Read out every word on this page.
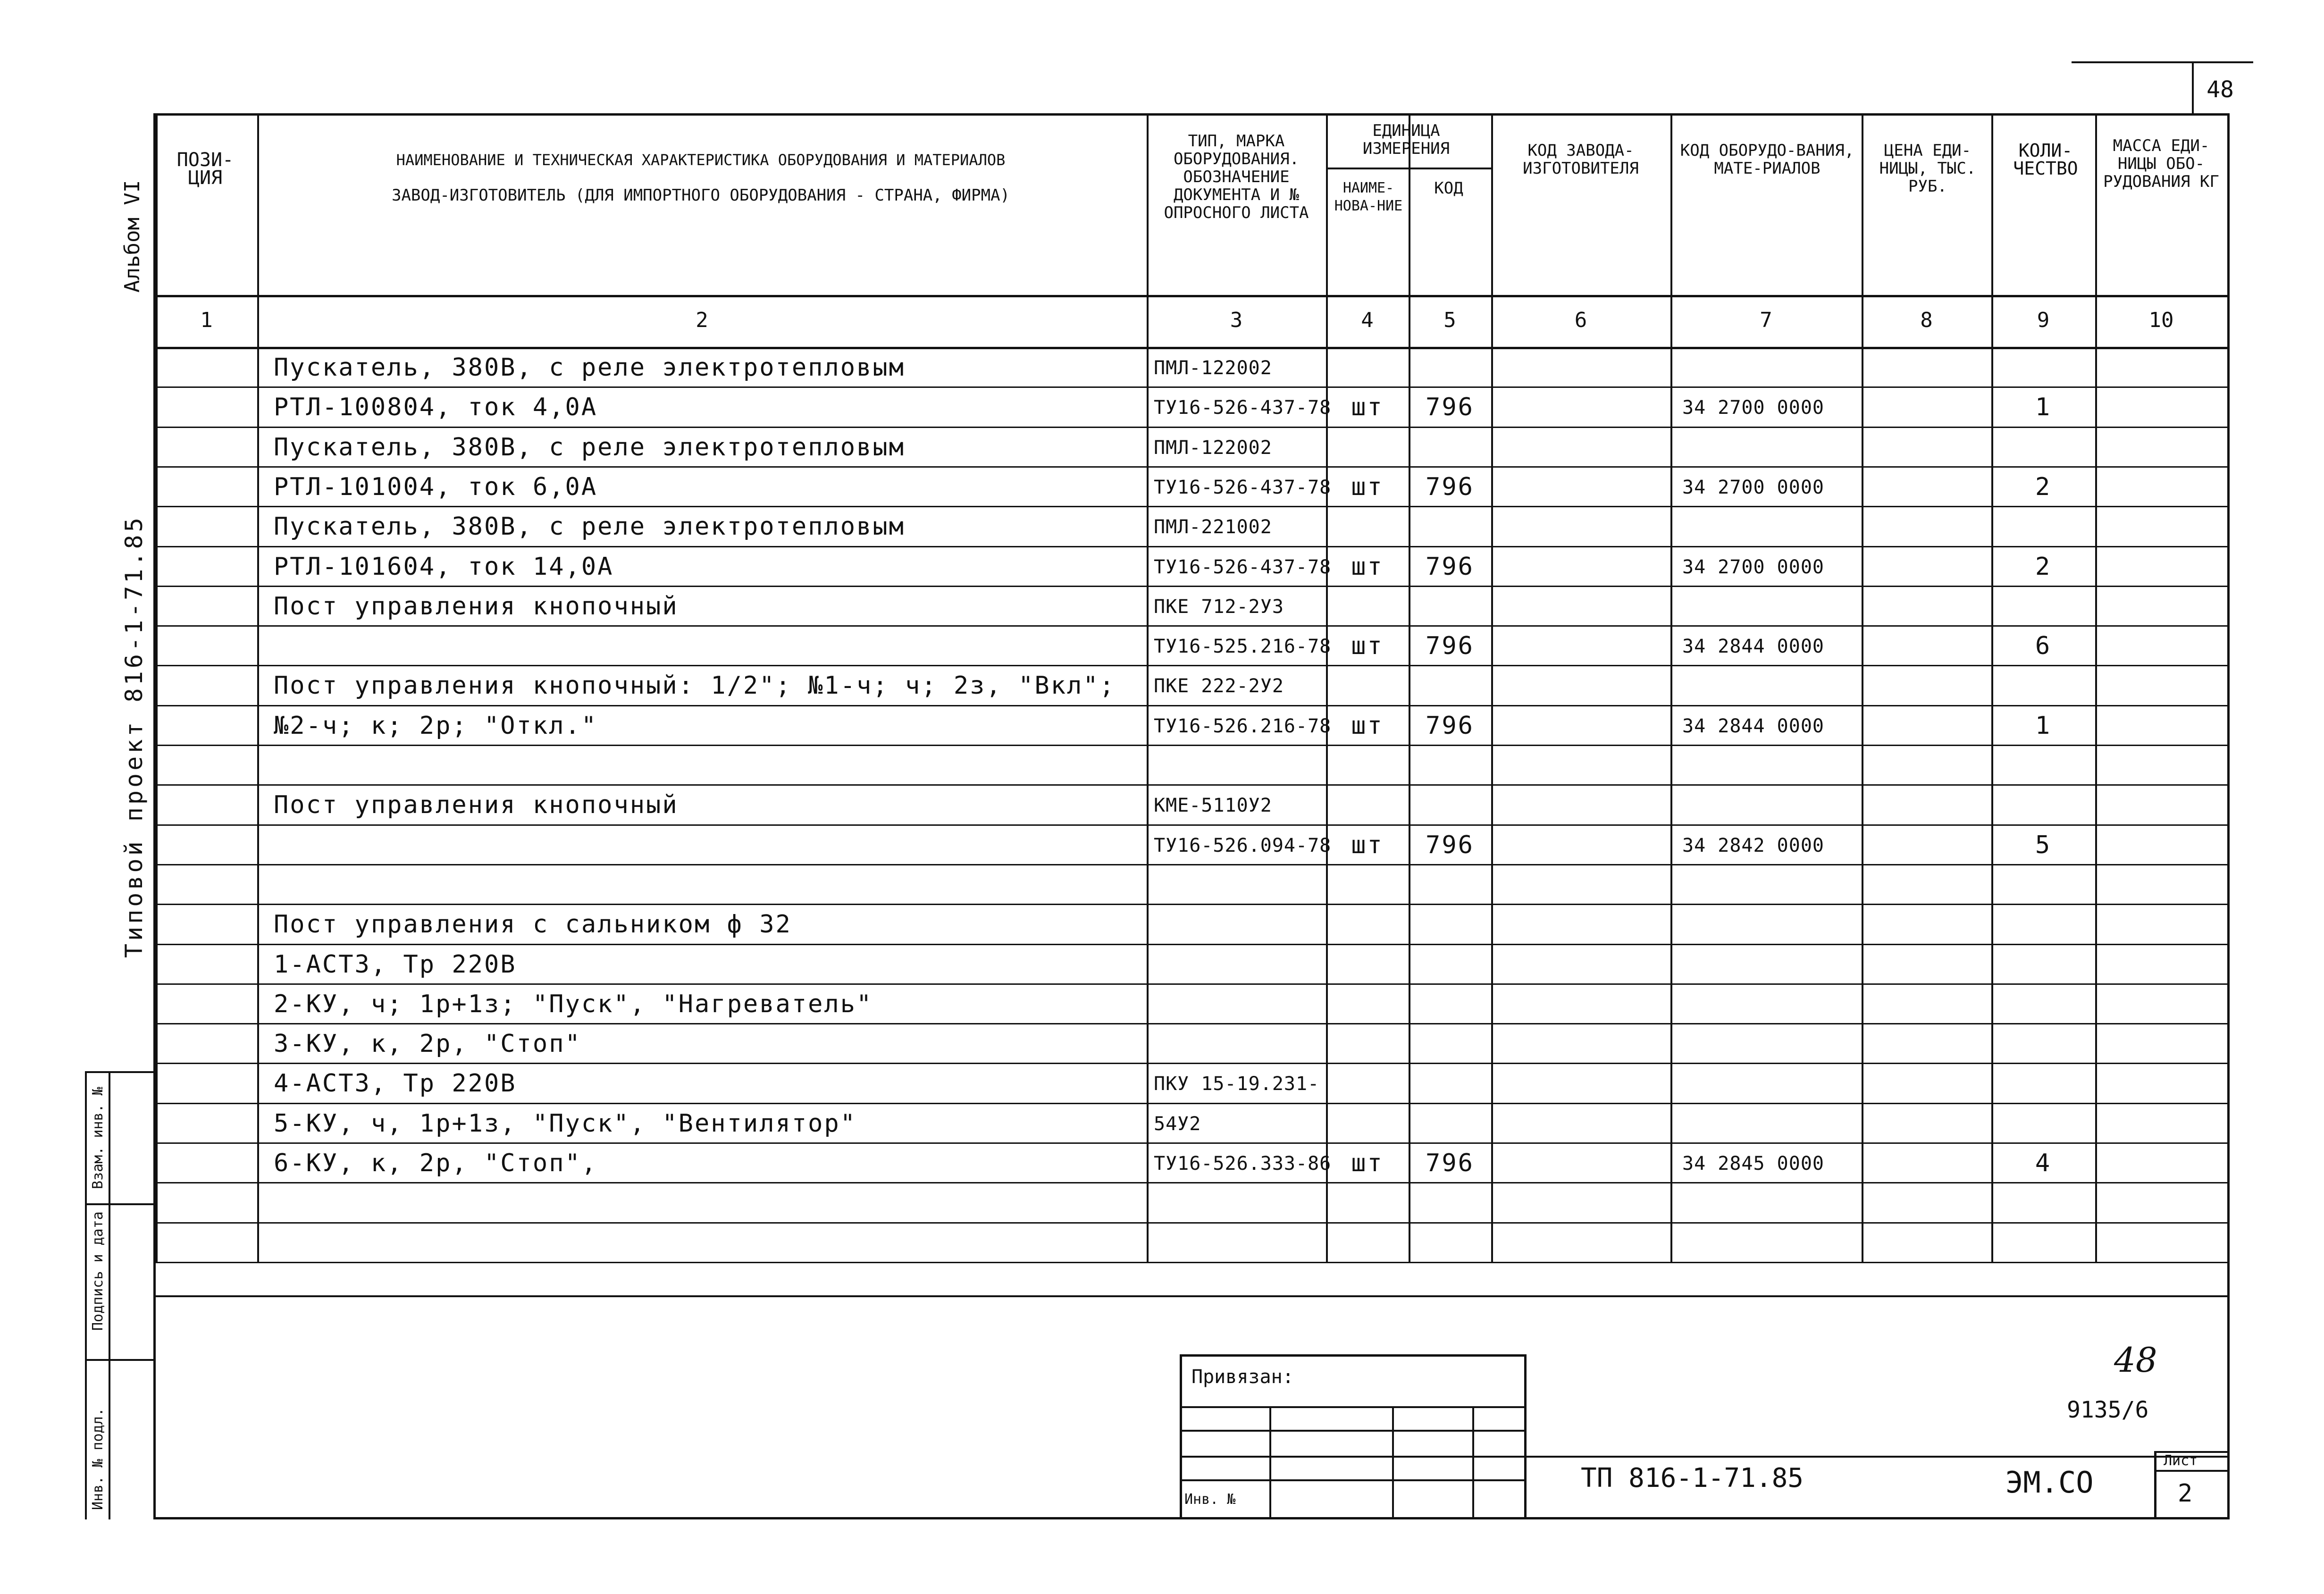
48
Альбом VI
Типовой проект 816-1-71.85
Инв. № подл.
Подпись и дата
Взам. инв. №
1	2	3	4	5	6	7	8	9	10
Пускатель, 380В, с реле электротепловым	ПМЛ-122002
РТЛ-100804, ток 4,0А	ТУ16-526-437-78 шт	796	34 2700 0000	1
Пускатель, 380В, с реле электротепловым	ПМЛ-122002
РТЛ-101004, ток 6,0А	ТУ16-526-437-78 шт	796	34 2700 0000	2
Пускатель, 380В, с реле электротепловым	ПМЛ-221002
РТЛ-101604, ток 14,0А	ТУ16-526-437-78 шт	796	34 2700 0000	2
Пост управления кнопочный	ПКЕ 712-2У3
ТУ16-525.216-78 шт	796	34 2844 0000	6
Пост управления кнопочный: 1/2"; №1-ч; ч; 2з, "Вкл"; ПКЕ 222-2У2
№2-ч; к; 2р; "Откл."	ТУ16-526.216-78 шт	796	34 2844 0000	1
Пост управления кнопочный	КМЕ-5110У2
ТУ16-526.094-78 шт	796	34 2842 0000	5
Пост управления с сальником ф 32
1-АСТ3, Тр 220В
2-КУ, ч; 1р+1з; "Пуск", "Нагреватель"
3-КУ, к, 2р, "Стоп"
4-АСТ3, Тр 220В	ПКУ 15-19.231-
5-КУ, ч, 1р+1з, "Пуск", "Вентилятор"	54У2
6-КУ, к, 2р, "Стоп",	ТУ16-526.333-86 шт	796	34 2845 0000	4
ПОЗИ-ЦИЯ
НАИМЕНОВАНИЕ И ТЕХНИЧЕСКАЯ ХАРАКТЕРИСТИКА ОБОРУДОВАНИЯ И МАТЕРИАЛОВ
ЗАВОД-ИЗГОТОВИТЕЛЬ (ДЛЯ ИМПОРТНОГО ОБОРУДОВАНИЯ - СТРАНА, ФИРМА)
ТИП, МАРКА ОБОРУДОВАНИЯ. ОБОЗНАЧЕНИЕ ДОКУМЕНТА И № ОПРОСНОГО ЛИСТА
ЕДИНИЦА ИЗМЕРЕНИЯ
НАИМЕ-НОВА-НИЕ
КОД
КОД ЗАВОДА-ИЗГОТОВИТЕЛЯ
КОД ОБОРУДО-ВАНИЯ, МАТЕ-РИАЛОВ
ЦЕНА ЕДИ-НИЦЫ, ТЫС. РУБ.
КОЛИ-ЧЕСТВО
МАССА ЕДИ-НИЦЫ ОБО-РУДОВАНИЯ КГ
Привязан:
Инв. №
48
9135/6
ТП 816-1-71.85	ЭМ.СО
Лист
2
